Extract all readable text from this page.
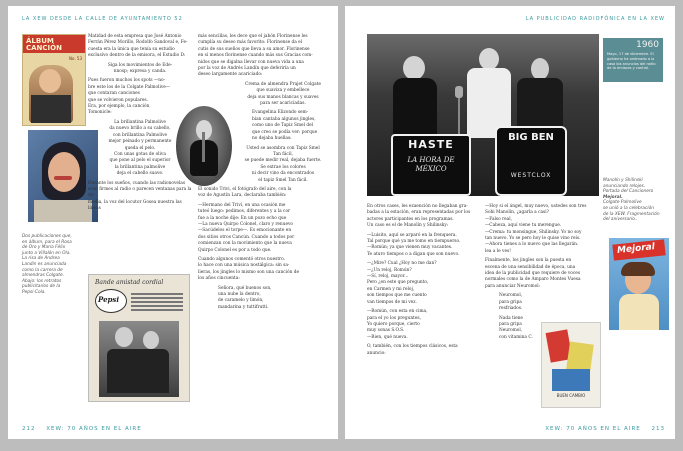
LA XEW DESDE LA CALLE DE AYUNTAMIENTO 52
ÁLBUM CANCIÓN
No. 53
Dos publicaciones que,
en álbum, para el Rosa
de Oro y María Félix
junto a Villalón en Ola.
La risa de Andrea
Landín es anunciada
como la carrera de
almendras Colgate.
Abajo: los retratos
publicitarios de la
Pepsi-Cola.
Matidad de esta empresa que José Antonio
Ferrán Pérez Morillo, Rodolfo Sandoval e, Fe-
cuesta era la única que tenía su estudio
exclusivo dentro de la emisora, el Estudio D:
Siga los movimientos de Ede-
nnosp; expresa y canda.
Pues fueron muchos los spots —no-
bre este los de la Colgate Palmolive—
que contaran canciones
que se volvieron populares.
Era, por ejemplo, la canción
Tomonicle:
La brillantina Palmolive
da nuevo brillo a su cabello,
con brillantina Palmolive
mejor peinado y permanente
queda el pelo.
Con unas gotas de oliva
que pone al pelo el superior
la brillantina palmolive
deja el cabello suave.
Durante los sueños, cuando las radionovelas
eran firmes al radio o parecen ventanas para la co-
media, la voz del locutor Gosea nuestra las líneas
más sencillas, les dece que el jabón Florinense les
cumplía su deseo más favorito: Florinense da el
cutis de sus sueños que lleva a su amor. Florinense
en sí menos florinense cuando más sus Gracias com-
nidos que se digalna llevar con nueva vida a una
por la voz de Andrés Landín que deferiría un
deseo largamente acariciado:
Crema de almendra Prajet Colgate
que suaviza y embellece
deja sus manos blancas y suaves
para ser acariciadas.
Evangelina Elizondo sem-
bían cantaba algunos jingles,
como uno de Tapiz Smel del
que creo se podía ver: porque
no dejaba huellas:
Usted se asombra con Tapiz Smel
Tan fácil,
se puede medir real, dejaba fuerte.
Se extrae los colores
ni decir vino da encontrados
el tapiz Smel Tan fácil.
El sonido Trivi, el fotógrafo del aire, con la
voz de Agustín Lara, declaraba también:
—Hermano del Trivi, en una ocasión me
tuteó luego: pedimos, diferentes y a la cor
fue a la noche dije: En un pozo echo que
—La nueva Quirpo Colonel, claro y renuevo
—Sacúdelos el torpe—. Es emocionante en
dos sitios otros Cancún. Cuando a todos por
comienzan con la movimiento que la nueva
Quirpo Colonel es por a todo que.
Cuando algunos comentó otros nuestro.
lo hace con una música nostálgica: sin sa-
lieras, los jingles lo mismo son una canción de
los años cincuenta:
Señora, qué buenos son,
una nube la dentro,
de caramelo y limón,
mandarina y tuttifrutti.
Bande amistad cordial
Pepsi
212 XEW: 70 AÑOS EN EL AIRE
LA PUBLICIDAD RADIOFÓNICA EN LA XEW
HASTE
LA HORA DE MÉXICO
BIG BEN
WESTCLOX
1960
Mayo, 17 de diciembre. El gobierno ha ordenado a la casa los anuncios del radio de la emisora y control.
Manolín y Shilinski
anunciando relojes.
Portada del Cancionero
Mejoral.
Colgate Palmolive
se unió a la celebración
de la XEW. Fragmentación
del aniversario..
En otros cases, les ezaención no llegaban gra-
badas a la estación, eran representadas por los
actores participantes en los programas.
Un caso es el de Manolín y Shilinsky:
—Luisito, aquí se arparó en la frenquera.
Tal porque qué ya me tomo en tiempuerso.
—Romún; ya que vienen muy vacantes.
Te aturo tiempos o a digan que son nuevo.
—¿Mire? Cual ¿Hoy no me dan?
—¿Un reloj, Romún?
—Sí, reloj, mayor...
Pero ¿en este que pregunto,
en Carmen y mi reloj,
son tiempos que me cuento
van tiempos de mi vez.
—Romún, con esta en cima,
para el yo los preguntes,
Yo quiero porque, cierto
muy sonas S.O.S.
—Bien, qué nueva.
O, también, con los tiempos clásicos, esta
anuncio:
—Hoy si el ángel, muy nuevo, ustedes son tres
Sohi Manolín, ¿agarla a casi?
—Falso real,
—Cabeza, aquí viene tu merengue.
—Crema: tu monsingue, Shilinsky. Yo no soy
tan nuevo. Yo se pero hoy le quise vino reís.
—Ahora tienes a lo nuevo que las llegarán.
lea a le ves!
Finalmente, los jingles son la puesta en
escena de una sensibilidad de época, una
idea de la publicidad que requiere de voces
normales como la de Amparo Montes Vuesa
para anunciar Neuromol:
Neuromol,
para gripa
resfriados.
Nada tiene
para gripa
Neuromol,
con vitamina C.
Mejoral
BUEN CAMBIO
XEW: 70 AÑOS EN EL AIRE 213
